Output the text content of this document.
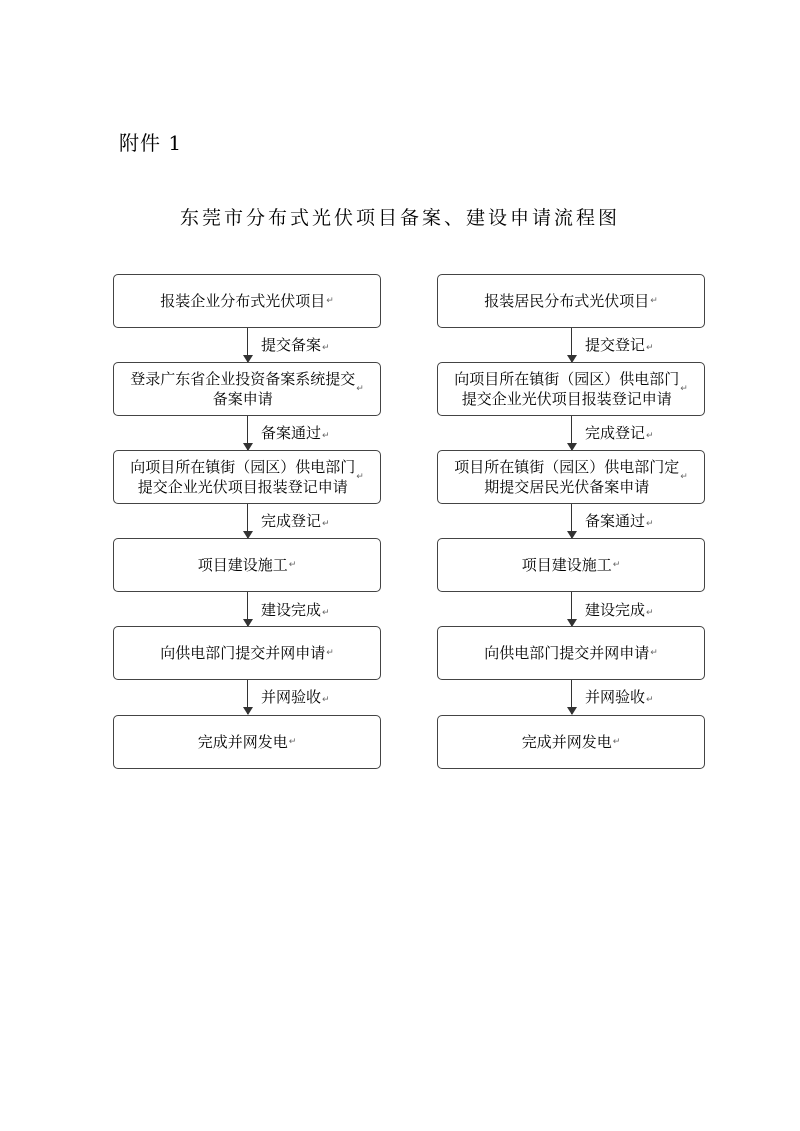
附件 1
东莞市分布式光伏项目备案、建设申请流程图
报装企业分布式光伏项目 ↵
提交备案↵
登录广东省企业投资备案系统提交
备案申请
↵
备案通过↵
向项目所在镇街（园区）供电部门
提交企业光伏项目报装登记申请
↵
完成登记↵
项目建设施工 ↵
建设完成↵
向供电部门提交并网申请 ↵
并网验收↵
完成并网发电 ↵
报装居民分布式光伏项目 ↵
提交登记↵
向项目所在镇街（园区）供电部门
提交企业光伏项目报装登记申请
↵
完成登记↵
项目所在镇街（园区）供电部门定
期提交居民光伏备案申请
↵
备案通过↵
项目建设施工 ↵
建设完成↵
向供电部门提交并网申请 ↵
并网验收↵
完成并网发电 ↵
